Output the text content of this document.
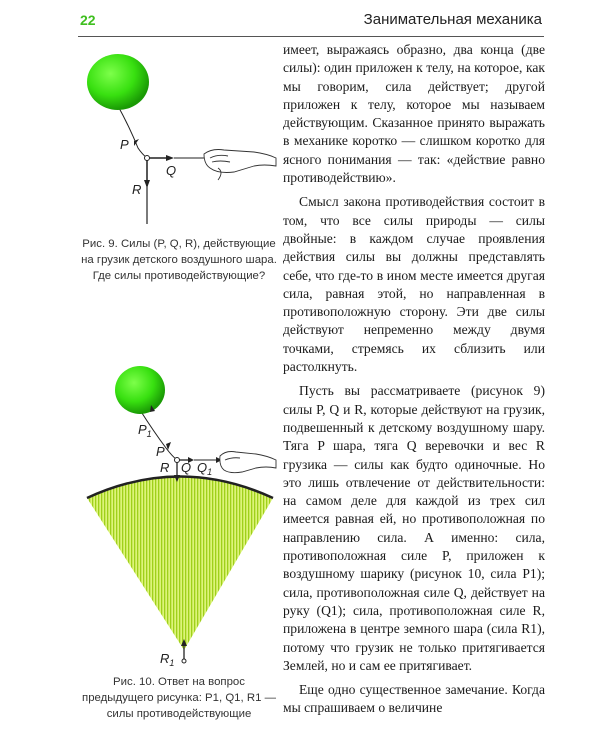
22	Занимательная механика
P
Q
R
Рис. 9. Силы (P, Q, R), действующие на грузик детского воздушного шара. Где силы противодействующие?
$P_1$
P
R Q $Q_1$
$R_1$
Рис. 10. Ответ на вопрос предыдущего рисунка: P1, Q1, R1 — силы противодействующие

имеет, выражаясь образно, два конца (две силы): один приложен к телу, на которое, как мы говорим, сила действует; другой приложен к телу, которое мы называем действующим. Сказанное принято выражать в механике коротко — слишком коротко для ясного понимания — так: «действие равно противодействию».

Смысл закона противодействия состоит в том, что все силы природы — силы двойные: в каждом случае проявления действия силы вы должны представлять себе, что где-то в ином месте имеется другая сила, равная этой, но направленная в противоположную сторону. Эти две силы действуют непременно между двумя точками, стремясь их сблизить или растолкнуть.

Пусть вы рассматриваете (рисунок 9) силы P, Q и R, которые действуют на грузик, подвешенный к детскому воздушному шару. Тяга P шара, тяга Q веревочки и вес R грузика — силы как будто одиночные. Но это лишь отвлечение от действительности: на самом деле для каждой из трех сил имеется равная ей, но противоположная по направлению сила. А именно: сила, противоположная силе P, приложен к воздушному шарику (рисунок 10, сила P1); сила, противоположная силе Q, действует на руку (Q1); сила, противоположная силе R, приложена в центре земного шара (сила R1), потому что грузик не только притягивается Землей, но и сам ее притягивает.

Еще одно существенное замечание. Когда мы спрашиваем о величине
